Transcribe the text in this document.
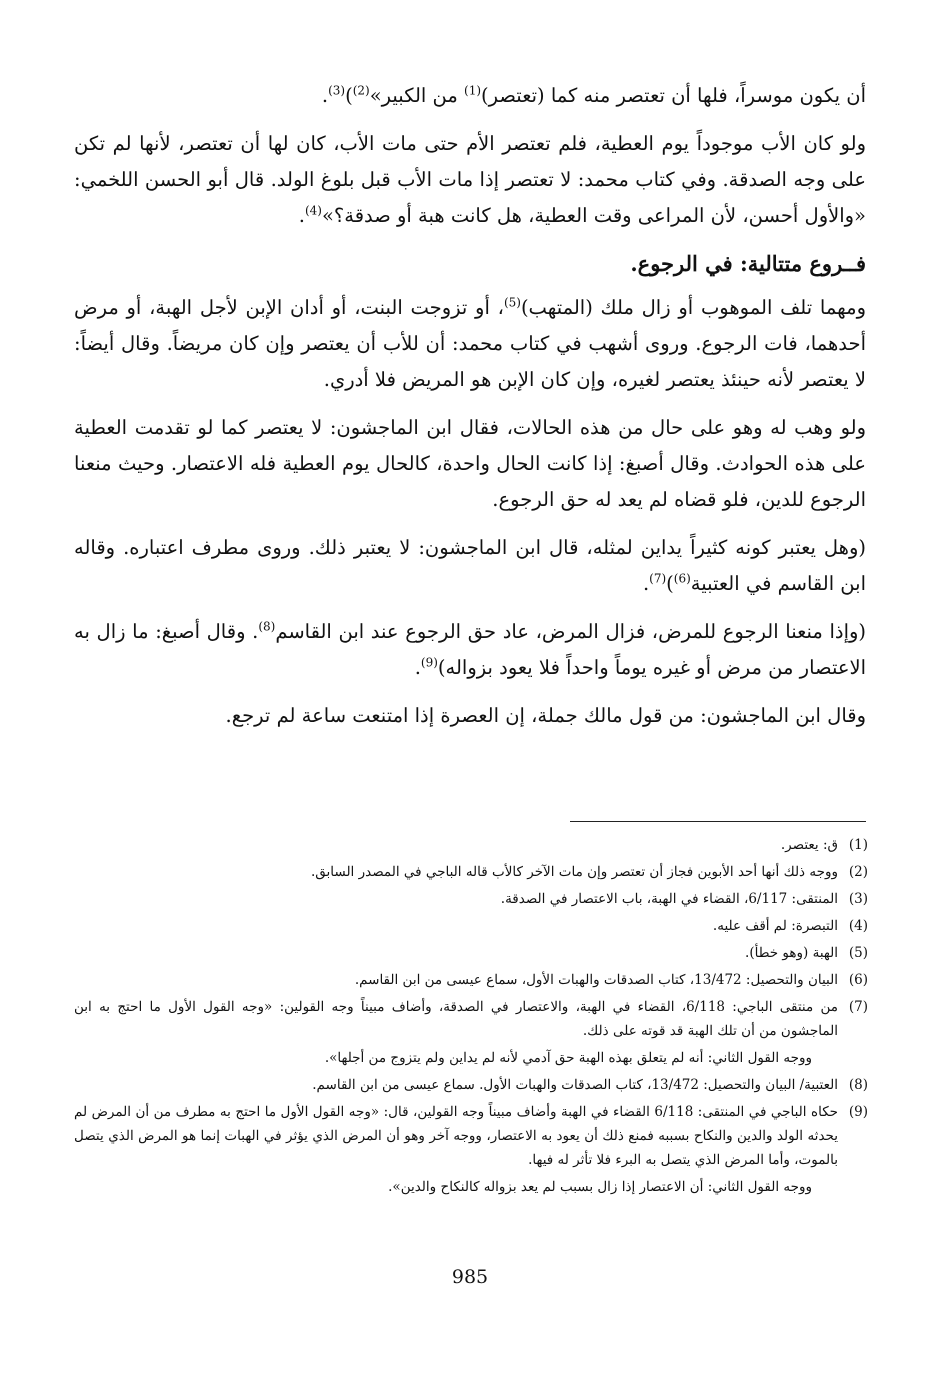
أن يكون موسراً، فلها أن تعتصر منه كما (تعتصر)$^{(1)}$ من الكبير»$^{(2)}$)$^{(3)}$.

ولو كان الأب موجوداً يوم العطية، فلم تعتصر الأم حتى مات الأب، كان لها أن تعتصر، لأنها لم تكن على وجه الصدقة. وفي كتاب محمد: لا تعتصر إذا مات الأب قبل بلوغ الولد. قال أبو الحسن اللخمي: «والأول أحسن، لأن المراعى وقت العطية، هل كانت هبة أو صدقة؟»$^{(4)}$.

فــروع متتالية: في الرجوع.

ومهما تلف الموهوب أو زال ملك (المتهب)$^{(5)}$، أو تزوجت البنت، أو أدان الإبن لأجل الهبة، أو مرض أحدهما، فات الرجوع. وروى أشهب في كتاب محمد: أن للأب أن يعتصر وإن كان مريضاً. وقال أيضاً: لا يعتصر لأنه حينئذ يعتصر لغيره، وإن كان الإبن هو المريض فلا أدري.

ولو وهب له وهو على حال من هذه الحالات، فقال ابن الماجشون: لا يعتصر كما لو تقدمت العطية على هذه الحوادث. وقال أصبغ: إذا كانت الحال واحدة، كالحال يوم العطية فله الاعتصار. وحيث منعنا الرجوع للدين، فلو قضاه لم يعد له حق الرجوع.

(وهل يعتبر كونه كثيراً يداين لمثله، قال ابن الماجشون: لا يعتبر ذلك. وروى مطرف اعتباره. وقاله ابن القاسم في العتبية$^{(6)}$)$^{(7)}$.

(وإذا منعنا الرجوع للمرض، فزال المرض، عاد حق الرجوع عند ابن القاسم$^{(8)}$. وقال أصبغ: ما زال به الاعتصار من مرض أو غيره يوماً واحداً فلا يعود بزواله)$^{(9)}$.

وقال ابن الماجشون: من قول مالك جملة، إن العصرة إذا امتنعت ساعة لم ترجع.

(1)
ق: يعتصر.
(2)
ووجه ذلك أنها أحد الأبوين فجاز أن تعتصر وإن مات الآخر كالأب قاله الباجي في المصدر السابق.
(3)
المنتقى: 6/117، القضاء في الهبة، باب الاعتصار في الصدقة.
(4)
التبصرة: لم أقف عليه.
(5)
الهبة (وهو خطأ).
(6)
البيان والتحصيل: 13/472، كتاب الصدقات والهبات الأول، سماع عيسى من ابن القاسم.
(7)
من منتقى الباجي: 6/118، القضاء في الهبة، والاعتصار في الصدقة، وأضاف مبيناً وجه القولين: «وجه القول الأول ما احتج به ابن الماجشون من أن تلك الهبة قد قوته على ذلك.
ووجه القول الثاني: أنه لم يتعلق بهذه الهبة حق آدمي لأنه لم يداين ولم يتزوج من أجلها».
(8)
العتبية/ البيان والتحصيل: 13/472، كتاب الصدقات والهبات الأول. سماع عيسى من ابن القاسم.
(9)
حكاه الباجي في المنتقى: 6/118 القضاء في الهبة وأضاف مبيناً وجه القولين، قال: «وجه القول الأول ما احتج به مطرف من أن المرض لم يحدثه الولد والدين والنكاح بسببه فمنع ذلك أن يعود به الاعتصار، ووجه آخر وهو أن المرض الذي يؤثر في الهبات إنما هو المرض الذي يتصل بالموت، وأما المرض الذي يتصل به البرء فلا تأثر له فيها.
ووجه القول الثاني: أن الاعتصار إذا زال بسبب لم يعد بزواله كالنكاح والدين».
985
